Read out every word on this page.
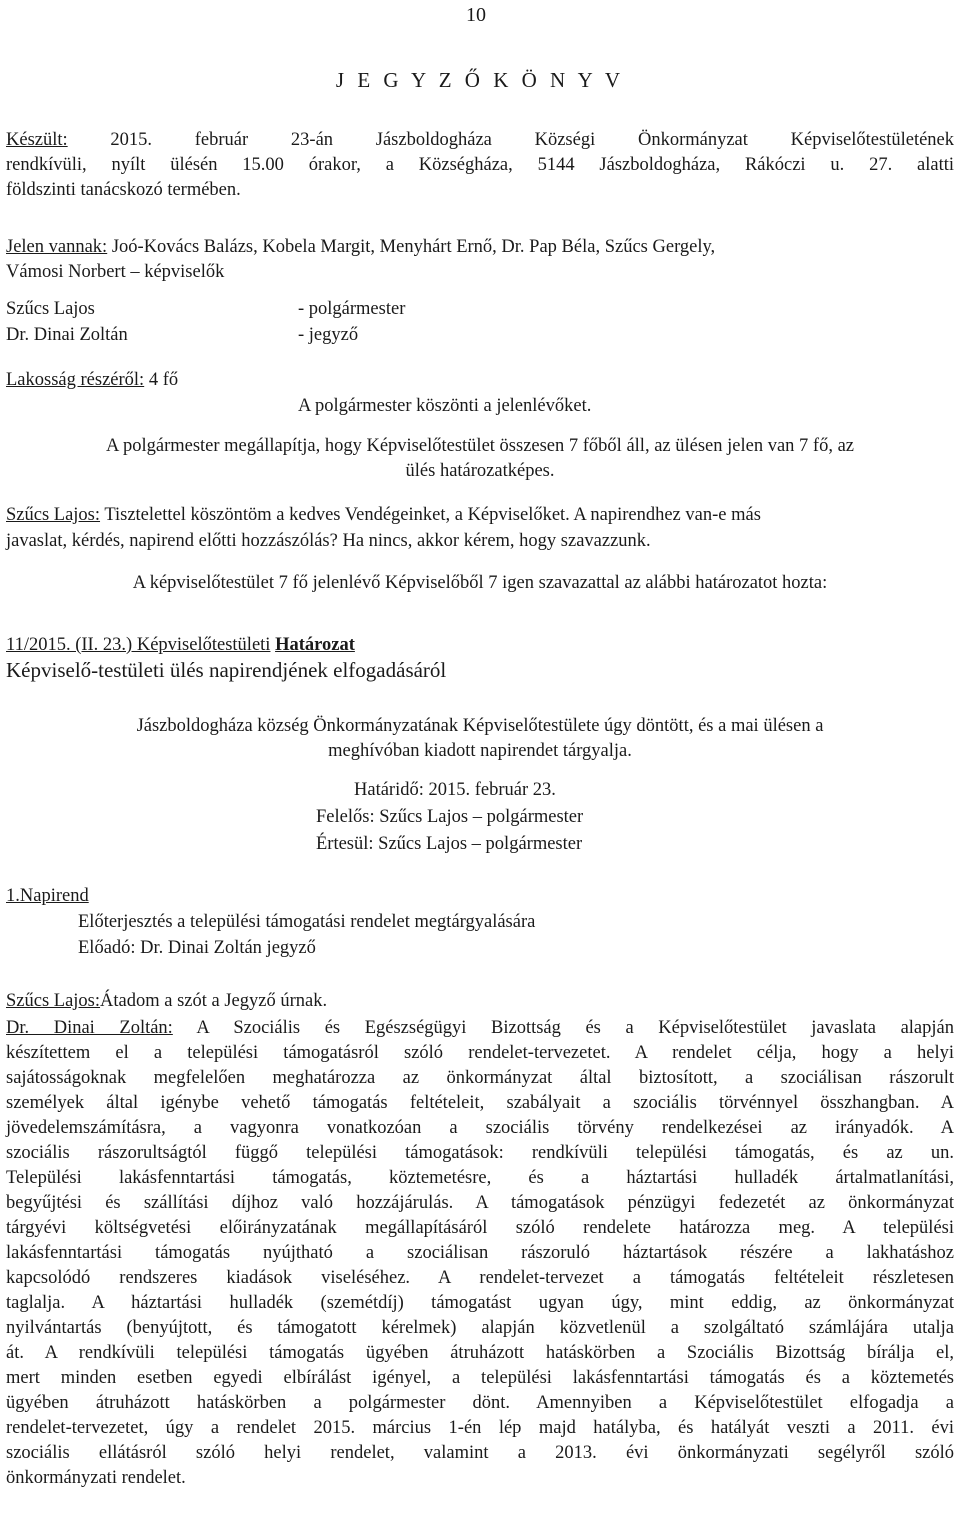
10
J E G Y Z Ő K Ö N Y V
Készült: 2015. február 23-án Jászboldogháza Községi Önkormányzat Képviselőtestületének
rendkívüli, nyílt ülésén 15.00 órakor, a Községháza, 5144 Jászboldogháza, Rákóczi u. 27. alatti
földszinti tanácskozó termében.
Jelen vannak: Joó-Kovács Balázs, Kobela Margit, Menyhárt Ernő, Dr. Pap Béla, Szűcs Gergely,
Vámosi Norbert – képviselők
Szűcs Lajos	- polgármester
Dr. Dinai Zoltán	- jegyző
Lakosság részéről: 4 fő
A polgármester köszönti a jelenlévőket.
A polgármester megállapítja, hogy Képviselőtestület összesen 7 főből áll, az ülésen jelen van 7 fő, az
ülés határozatképes.
Szűcs Lajos: Tisztelettel köszöntöm a kedves Vendégeinket, a Képviselőket. A napirendhez van-e más
javaslat, kérdés, napirend előtti hozzászólás? Ha nincs, akkor kérem, hogy szavazzunk.
A képviselőtestület 7 fő jelenlévő Képviselőből 7 igen szavazattal az alábbi határozatot hozta:
11/2015. (II. 23.) Képviselőtestületi Határozat
Képviselő-testületi ülés napirendjének elfogadásáról
Jászboldogháza község Önkormányzatának Képviselőtestülete úgy döntött, és a mai ülésen a
meghívóban kiadott napirendet tárgyalja.
Határidő: 2015. február 23.
Felelős: Szűcs Lajos – polgármester
Értesül: Szűcs Lajos – polgármester
1.Napirend
Előterjesztés a települési támogatási rendelet megtárgyalására
Előadó: Dr. Dinai Zoltán jegyző
Szűcs Lajos:Átadom a szót a Jegyző úrnak.
Dr. Dinai Zoltán: A Szociális és Egészségügyi Bizottság és a Képviselőtestület javaslata alapján
készítettem el a települési támogatásról szóló rendelet-tervezetet. A rendelet célja, hogy a helyi
sajátosságoknak megfelelően meghatározza az önkormányzat által biztosított, a szociálisan rászorult
személyek által igénybe vehető támogatás feltételeit, szabályait a szociális törvénnyel összhangban. A
jövedelemszámításra, a vagyonra vonatkozóan a szociális törvény rendelkezései az irányadók. A
szociális rászorultságtól függő települési támogatások: rendkívüli települési támogatás, és az un.
Települési lakásfenntartási támogatás, köztemetésre, és a háztartási hulladék ártalmatlanítási,
begyűjtési és szállítási díjhoz való hozzájárulás. A támogatások pénzügyi fedezetét az önkormányzat
tárgyévi költségvetési előirányzatának megállapításáról szóló rendelete határozza meg. A települési
lakásfenntartási támogatás nyújtható a szociálisan rászoruló háztartások részére a lakhatáshoz
kapcsolódó rendszeres kiadások viseléséhez. A rendelet-tervezet a támogatás feltételeit részletesen
taglalja. A háztartási hulladék (szemétdíj) támogatást ugyan úgy, mint eddig, az önkormányzat
nyilvántartás (benyújtott, és támogatott kérelmek) alapján közvetlenül a szolgáltató számlájára utalja
át. A rendkívüli települési támogatás ügyében átruházott hatáskörben a Szociális Bizottság bírálja el,
mert minden esetben egyedi elbírálást igényel, a települési lakásfenntartási támogatás és a köztemetés
ügyében átruházott hatáskörben a polgármester dönt. Amennyiben a Képviselőtestület elfogadja a
rendelet-tervezetet, úgy a rendelet 2015. március 1-én lép majd hatályba, és hatályát veszti a 2011. évi
szociális ellátásról szóló helyi rendelet, valamint a 2013. évi önkormányzati segélyről szóló
önkormányzati rendelet.
